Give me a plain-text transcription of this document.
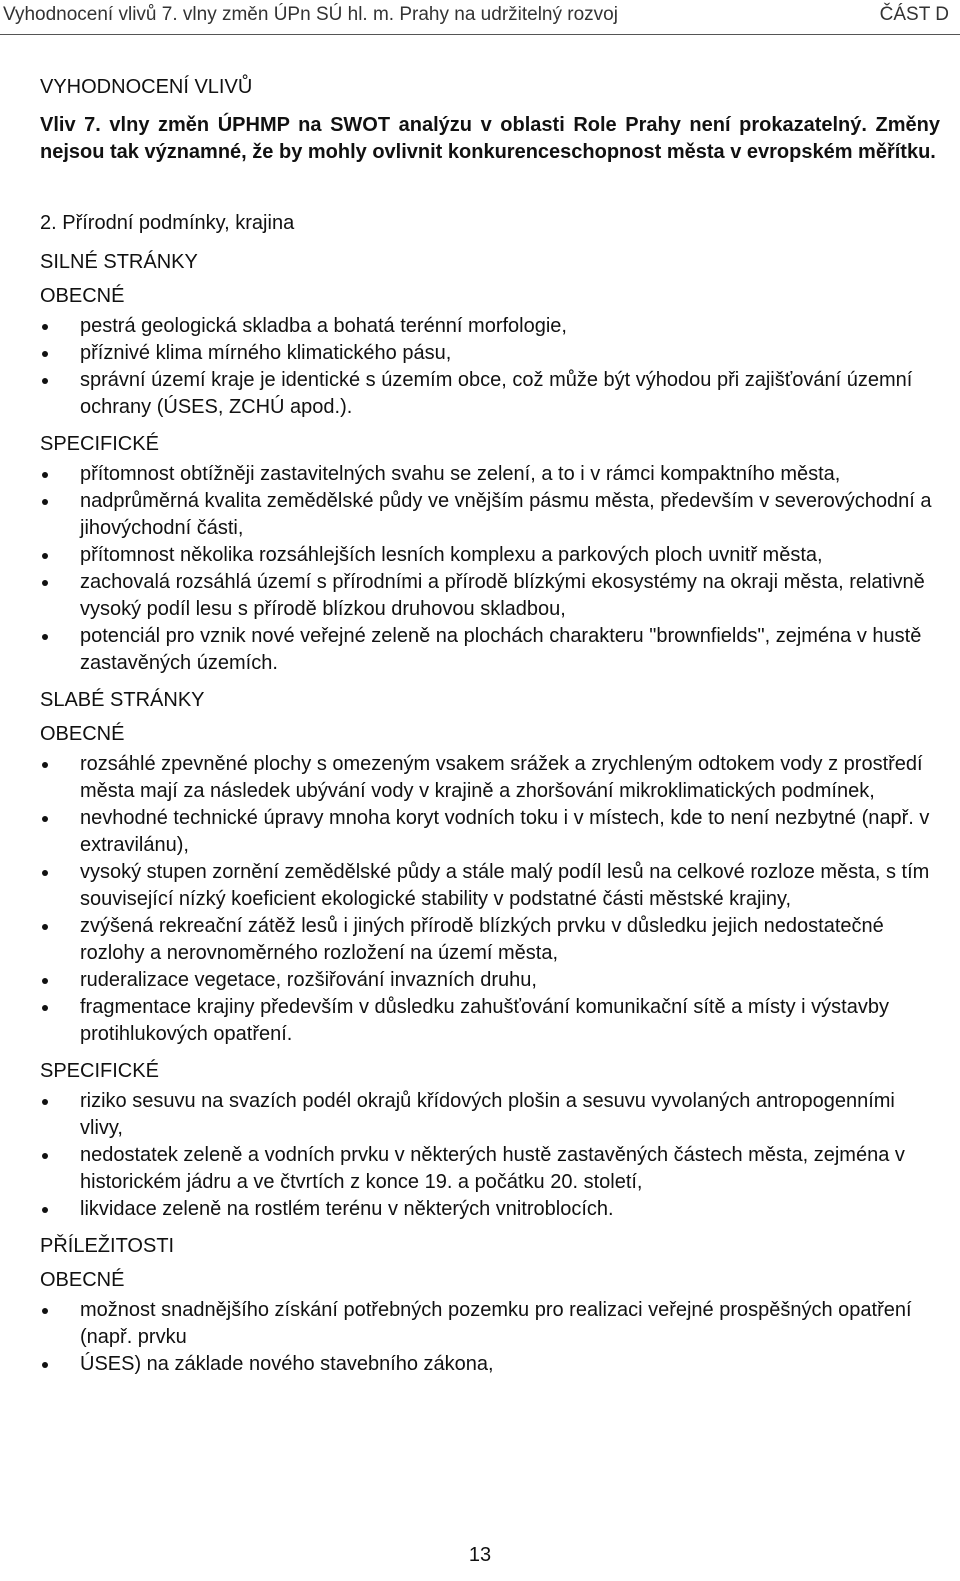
Vyhodnocení vlivů 7. vlny změn ÚPn SÚ hl. m. Prahy na udržitelný rozvoj	ČÁST D

VYHODNOCENÍ VLIVŮ

Vliv 7. vlny změn ÚPHMP na SWOT analýzu v oblasti Role Prahy není prokazatelný. Změny nejsou tak významné, že by mohly ovlivnit konkurenceschopnost města v evropském měřítku.

2. Přírodní podmínky, krajina

SILNÉ STRÁNKY

OBECNÉ

pestrá geologická skladba a bohatá terénní morfologie,
příznivé klima mírného klimatického pásu,
správní území kraje je identické s územím obce, což může být výhodou při zajišťování územní ochrany (ÚSES, ZCHÚ apod.).

SPECIFICKÉ

přítomnost obtížněji zastavitelných svahu se zelení, a to i v rámci kompaktního města,
nadprůměrná kvalita zemědělské půdy ve vnějším pásmu města, především v severovýchodní a jihovýchodní části,
přítomnost několika rozsáhlejších lesních komplexu a parkových ploch uvnitř města,
zachovalá rozsáhlá území s přírodními a přírodě blízkými ekosystémy na okraji města, relativně vysoký podíl lesu s přírodě blízkou druhovou skladbou,
potenciál pro vznik nové veřejné zeleně na plochách charakteru "brownfields", zejména v hustě zastavěných územích.

SLABÉ STRÁNKY

OBECNÉ

rozsáhlé zpevněné plochy s omezeným vsakem srážek a zrychleným odtokem vody z prostředí města mají za následek ubývání vody v krajině a zhoršování mikroklimatických podmínek,
nevhodné technické úpravy mnoha koryt vodních toku i v místech, kde to není nezbytné (např. v extravilánu),
vysoký stupen zornění zemědělské půdy a stále malý podíl lesů na celkové rozloze města, s tím související nízký koeficient ekologické stability v podstatné části městské krajiny,
zvýšená rekreační zátěž lesů i jiných přírodě blízkých prvku v důsledku jejich nedostatečné rozlohy a nerovnoměrného rozložení na území města,
ruderalizace vegetace, rozšiřování invazních druhu,
fragmentace krajiny především v důsledku zahušťování komunikační sítě a místy i výstavby protihlukových opatření.

SPECIFICKÉ

riziko sesuvu na svazích podél okrajů křídových plošin a sesuvu vyvolaných antropogenními vlivy,
nedostatek zeleně a vodních prvku v některých hustě zastavěných částech města, zejména v historickém jádru a ve čtvrtích z konce 19. a počátku 20. století,
likvidace zeleně na rostlém terénu v některých vnitroblocích.

PŘÍLEŽITOSTI

OBECNÉ

možnost snadnějšího získání potřebných pozemku pro realizaci veřejné prospěšných opatření (např. prvku
ÚSES) na základe nového stavebního zákona,
13
